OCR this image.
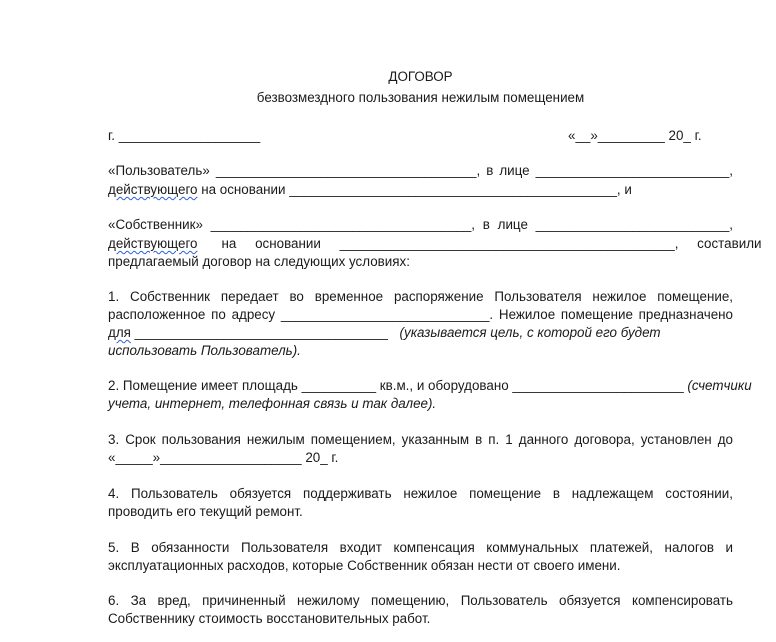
ДОГОВОР
безвозмездного пользования нежилым помещением
г. ___________________	«__»_________ 20_ г.
«Пользователь» ___________________________________, в лице __________________________,
действующего на основании ____________________________________________, и
«Собственник» ___________________________________, в лице __________________________,
действующего на основании _____________________________________________, составили
предлагаемый договор на следующих условиях:
1. Собственник передает во временное распоряжение Пользователя нежилое помещение,
расположенное по адресу ____________________________. Нежилое помещение предназначено
для __________________________________ (указывается цель, с которой его будет
использовать Пользователь).
2. Помещение имеет площадь __________ кв.м., и оборудовано _______________________ (счетчики
учета, интернет, телефонная связь и так далее).
3. Срок пользования нежилым помещением, указанным в п. 1 данного договора, установлен до
«_____»___________________ 20_ г.
4. Пользователь обязуется поддерживать нежилое помещение в надлежащем состоянии,
проводить его текущий ремонт.
5. В обязанности Пользователя входит компенсация коммунальных платежей, налогов и
эксплуатационных расходов, которые Собственник обязан нести от своего имени.
6. За вред, причиненный нежилому помещению, Пользователь обязуется компенсировать
Собственнику стоимость восстановительных работ.
